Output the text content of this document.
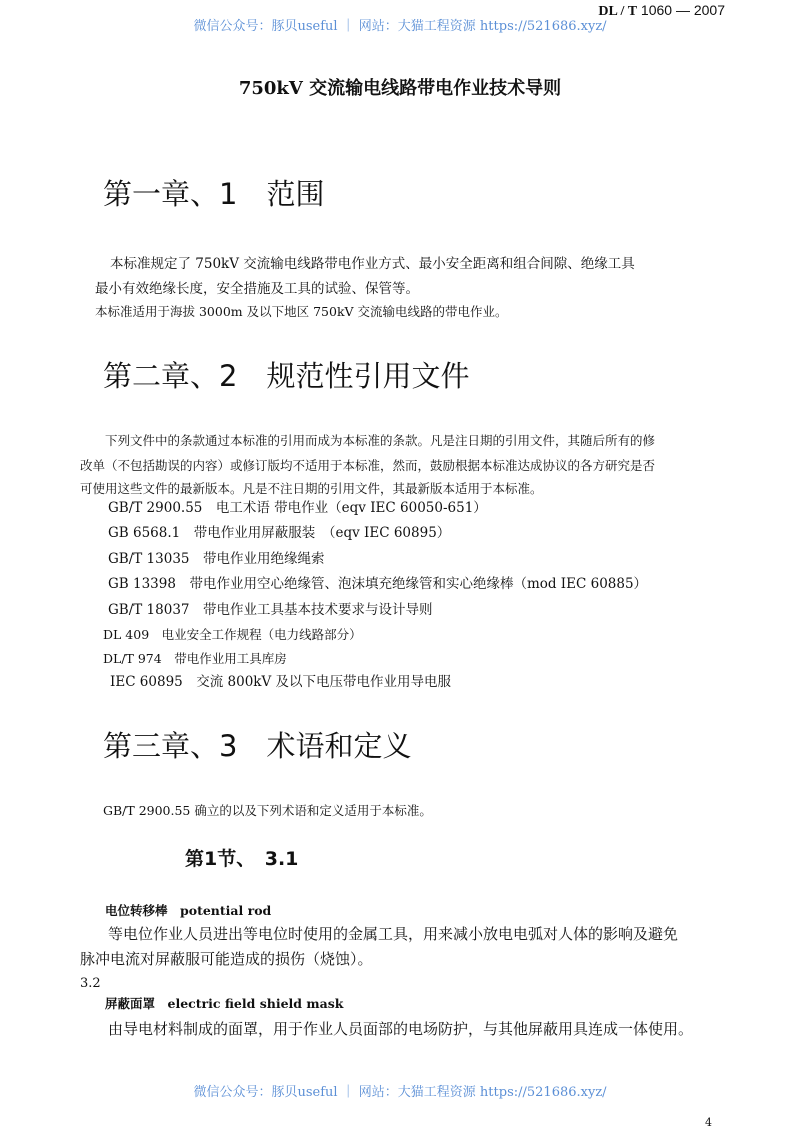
DL / T 1060 — 2007
微信公众号：豚贝useful ｜ 网站：大猫工程资源 https://521686.xyz/
750kV 交流输电线路带电作业技术导则
第一章、1　范围
本标准规定了 750kV 交流输电线路带电作业方式、最小安全距离和组合间隙、绝缘工具
最小有效绝缘长度，安全措施及工具的试验、保管等。
本标准适用于海拔 3000m 及以下地区 750kV 交流输电线路的带电作业。
第二章、2　规范性引用文件
下列文件中的条款通过本标准的引用而成为本标准的条款。凡是注日期的引用文件，其随后所有的修
改单（不包括勘误的内容）或修订版均不适用于本标准，然而，鼓励根据本标准达成协议的各方研究是否
可使用这些文件的最新版本。凡是不注日期的引用文件，其最新版本适用于本标准。
GB/T 2900.55　电工术语 带电作业（eqv IEC 60050-651）
GB 6568.1　带电作业用屏蔽服装　（eqv IEC 60895）
GB/T 13035　带电作业用绝缘绳索
GB 13398　带电作业用空心绝缘管、泡沫填充绝缘管和实心绝缘棒（mod IEC 60885）
GB/T 18037　带电作业工具基本技术要求与设计导则
DL 409　电业安全工作规程（电力线路部分）
DL/T 974　带电作业用工具库房
IEC 60895　交流 800kV 及以下电压带电作业用导电服
第三章、3　术语和定义
GB/T 2900.55 确立的以及下列术语和定义适用于本标准。
第1节、　3.1
电位转移棒　potential rod
等电位作业人员进出等电位时使用的金属工具，用来减小放电电弧对人体的影响及避免
脉冲电流对屏蔽服可能造成的损伤（烧蚀）。
3.2
屏蔽面罩　electric field shield mask
由导电材料制成的面罩，用于作业人员面部的电场防护，与其他屏蔽用具连成一体使用。
微信公众号：豚贝useful ｜ 网站：大猫工程资源 https://521686.xyz/
4
